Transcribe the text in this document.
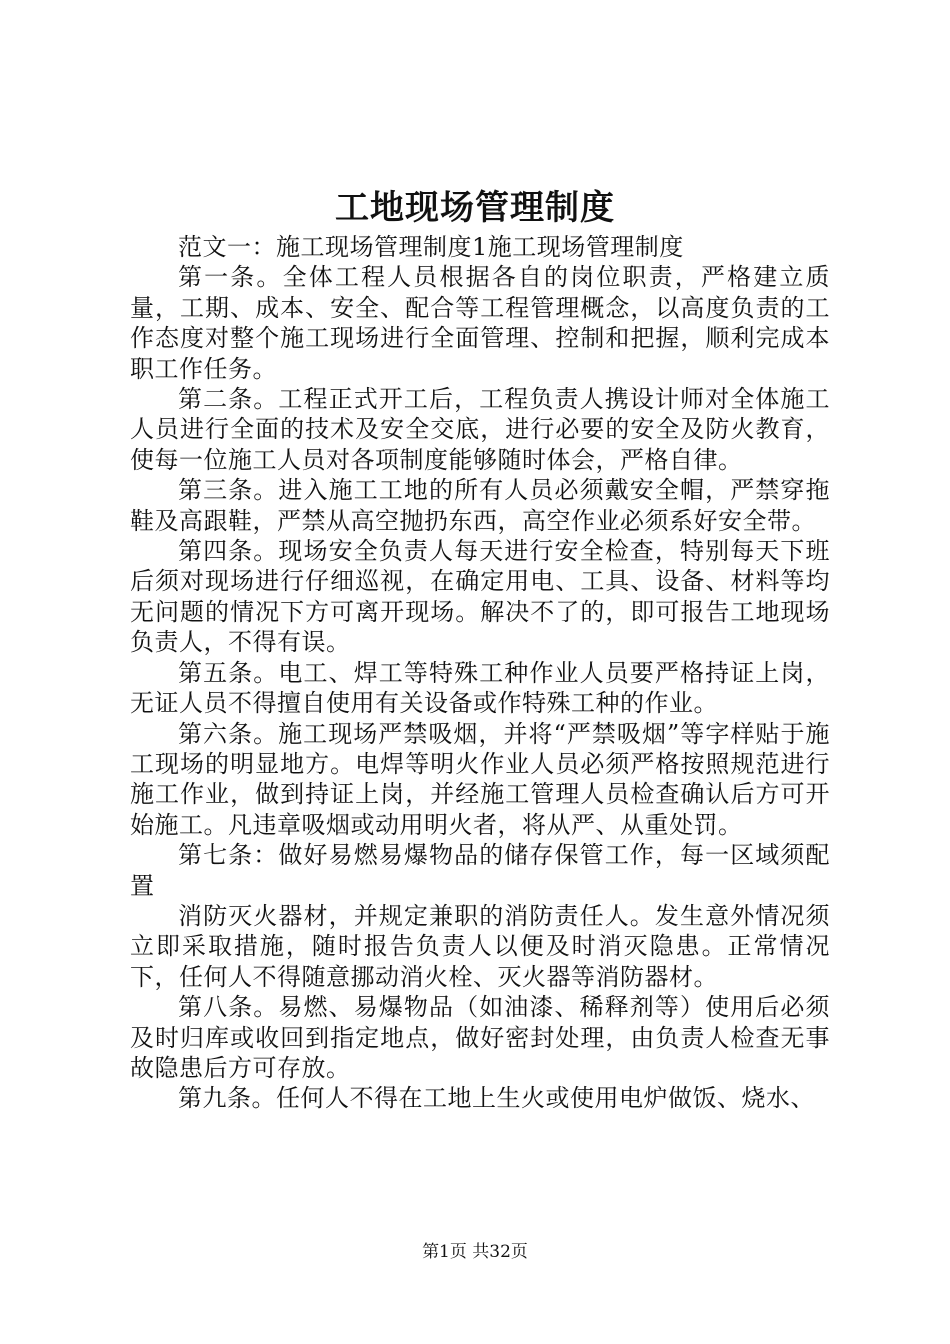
工地现场管理制度

范文一：施工现场管理制度1施工现场管理制度

第一条。全体工程人员根据各自的岗位职责，严格建立质量，工期、成本、安全、配合等工程管理概念，以高度负责的工作态度对整个施工现场进行全面管理、控制和把握，顺利完成本职工作任务。

第二条。工程正式开工后，工程负责人携设计师对全体施工人员进行全面的技术及安全交底，进行必要的安全及防火教育，使每一位施工人员对各项制度能够随时体会，严格自律。

第三条。进入施工工地的所有人员必须戴安全帽，严禁穿拖鞋及高跟鞋，严禁从高空抛扔东西，高空作业必须系好安全带。

第四条。现场安全负责人每天进行安全检查，特别每天下班后须对现场进行仔细巡视，在确定用电、工具、设备、材料等均无问题的情况下方可离开现场。解决不了的，即可报告工地现场负责人，不得有误。

第五条。电工、焊工等特殊工种作业人员要严格持证上岗，无证人员不得擅自使用有关设备或作特殊工种的作业。

第六条。施工现场严禁吸烟，并将“严禁吸烟”等字样贴于施工现场的明显地方。电焊等明火作业人员必须严格按照规范进行施工作业，做到持证上岗，并经施工管理人员检查确认后方可开始施工。凡违章吸烟或动用明火者，将从严、从重处罚。

第七条：做好易燃易爆物品的储存保管工作，每一区域须配置

消防灭火器材，并规定兼职的消防责任人。发生意外情况须立即采取措施，随时报告负责人以便及时消灭隐患。正常情况下，任何人不得随意挪动消火栓、灭火器等消防器材。

第八条。易燃、易爆物品（如油漆、稀释剂等）使用后必须及时归库或收回到指定地点，做好密封处理，由负责人检查无事故隐患后方可存放。

第九条。任何人不得在工地上生火或使用电炉做饭、烧水、

第1页 共32页
